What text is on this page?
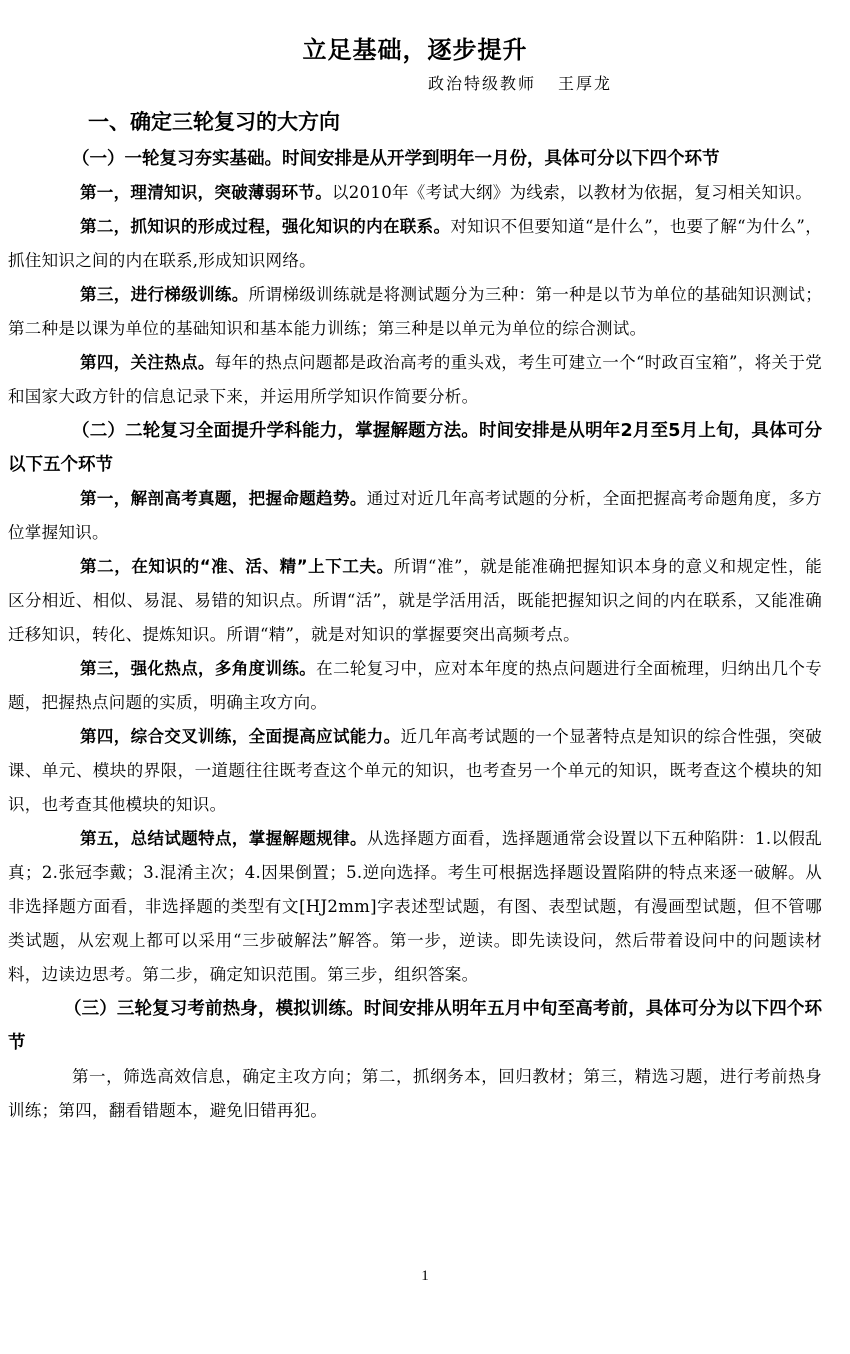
立足基础，逐步提升
政治特级教师 王厚龙
一、确定三轮复习的大方向
（一）一轮复习夯实基础。时间安排是从开学到明年一月份，具体可分以下四个环节

第一，理清知识，突破薄弱环节。以2010年《考试大纲》为线索，以教材为依据，复习相关知识。

第二，抓知识的形成过程，强化知识的内在联系。对知识不但要知道“是什么”，也要了解“为什么”，抓住知识之间的内在联系,形成知识网络。

第三，进行梯级训练。所谓梯级训练就是将测试题分为三种：第一种是以节为单位的基础知识测试；第二种是以课为单位的基础知识和基本能力训练；第三种是以单元为单位的综合测试。

第四，关注热点。每年的热点问题都是政治高考的重头戏，考生可建立一个“时政百宝箱”，将关于党和国家大政方针的信息记录下来，并运用所学知识作简要分析。

（二）二轮复习全面提升学科能力，掌握解题方法。时间安排是从明年2月至5月上旬，具体可分以下五个环节

第一，解剖高考真题，把握命题趋势。通过对近几年高考试题的分析，全面把握高考命题角度，多方位掌握知识。

第二，在知识的“准、活、精”上下工夫。所谓“准”，就是能准确把握知识本身的意义和规定性，能区分相近、相似、易混、易错的知识点。所谓“活”，就是学活用活，既能把握知识之间的内在联系，又能准确迁移知识，转化、提炼知识。所谓“精”，就是对知识的掌握要突出高频考点。

第三，强化热点，多角度训练。在二轮复习中，应对本年度的热点问题进行全面梳理，归纳出几个专题，把握热点问题的实质，明确主攻方向。

第四，综合交叉训练，全面提高应试能力。近几年高考试题的一个显著特点是知识的综合性强，突破课、单元、模块的界限，一道题往往既考查这个单元的知识，也考查另一个单元的知识，既考查这个模块的知识，也考查其他模块的知识。

第五，总结试题特点，掌握解题规律。从选择题方面看，选择题通常会设置以下五种陷阱：1.以假乱真；2.张冠李戴；3.混淆主次；4.因果倒置；5.逆向选择。考生可根据选择题设置陷阱的特点来逐一破解。从非选择题方面看，非选择题的类型有文[HJ2mm]字表述型试题，有图、表型试题，有漫画型试题，但不管哪类试题，从宏观上都可以采用“三步破解法”解答。第一步，逆读。即先读设问，然后带着设问中的问题读材料，边读边思考。第二步，确定知识范围。第三步，组织答案。

（三）三轮复习考前热身，模拟训练。时间安排从明年五月中旬至高考前，具体可分为以下四个环节

第一，筛选高效信息，确定主攻方向；第二，抓纲务本，回归教材；第三，精选习题，进行考前热身训练；第四，翻看错题本，避免旧错再犯。

1
